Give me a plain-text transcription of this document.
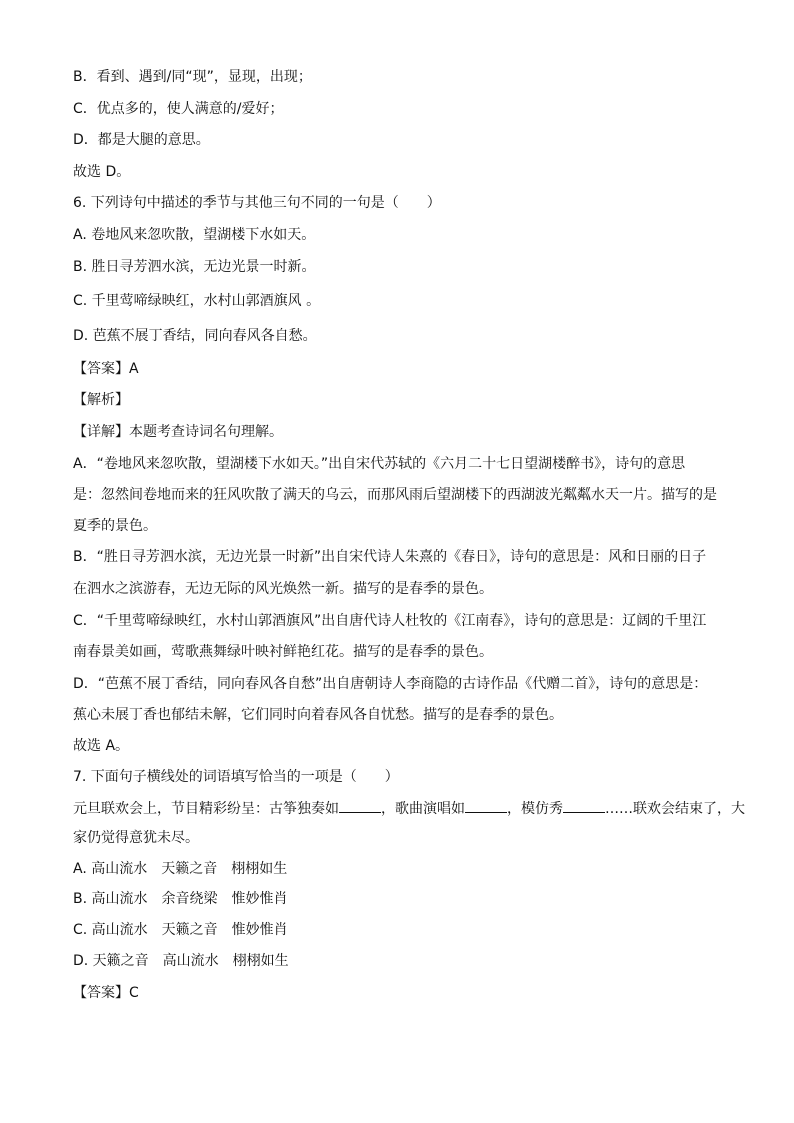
B．看到、遇到/同“现”，显现，出现；
C．优点多的，使人满意的/爱好；
D．都是大腿的意思。
故选 D。
6. 下列诗句中描述的季节与其他三句不同的一句是（　　）
A. 卷地风来忽吹散，望湖楼下水如天。
B. 胜日寻芳泗水滨，无边光景一时新。
C. 千里莺啼绿映红，水村山郭酒旗风 。
D. 芭蕉不展丁香结，同向春风各自愁。
【答案】A
【解析】
【详解】本题考查诗词名句理解。
A．“卷地风来忽吹散，望湖楼下水如天。”出自宋代苏轼的《六月二十七日望湖楼醉书》，诗句的意思
是：忽然间卷地而来的狂风吹散了满天的乌云，而那风雨后望湖楼下的西湖波光粼粼水天一片。描写的是
夏季的景色。
B．“胜日寻芳泗水滨，无边光景一时新”出自宋代诗人朱熹的《春日》，诗句的意思是：风和日丽的日子
在泗水之滨游春，无边无际的风光焕然一新。描写的是春季的景色。
C．“千里莺啼绿映红，水村山郭酒旗风”出自唐代诗人杜牧的《江南春》，诗句的意思是：辽阔的千里江
南春景美如画，莺歌燕舞绿叶映衬鲜艳红花。描写的是春季的景色。
D．“芭蕉不展丁香结，同向春风各自愁”出自唐朝诗人李商隐的古诗作品《代赠二首》，诗句的意思是：
蕉心未展丁香也郁结未解，它们同时向着春风各自忧愁。描写的是春季的景色。
故选 A。
7. 下面句子横线处的词语填写恰当的一项是（　　）
元旦联欢会上，节目精彩纷呈：古筝独奏如	，歌曲演唱如	，模仿秀	……联欢会结束了，大
家仍觉得意犹未尽。
A. 高山流水　天籁之音　栩栩如生
B. 高山流水　余音绕梁　惟妙惟肖
C. 高山流水　天籁之音　惟妙惟肖
D. 天籁之音　高山流水　栩栩如生
【答案】C
